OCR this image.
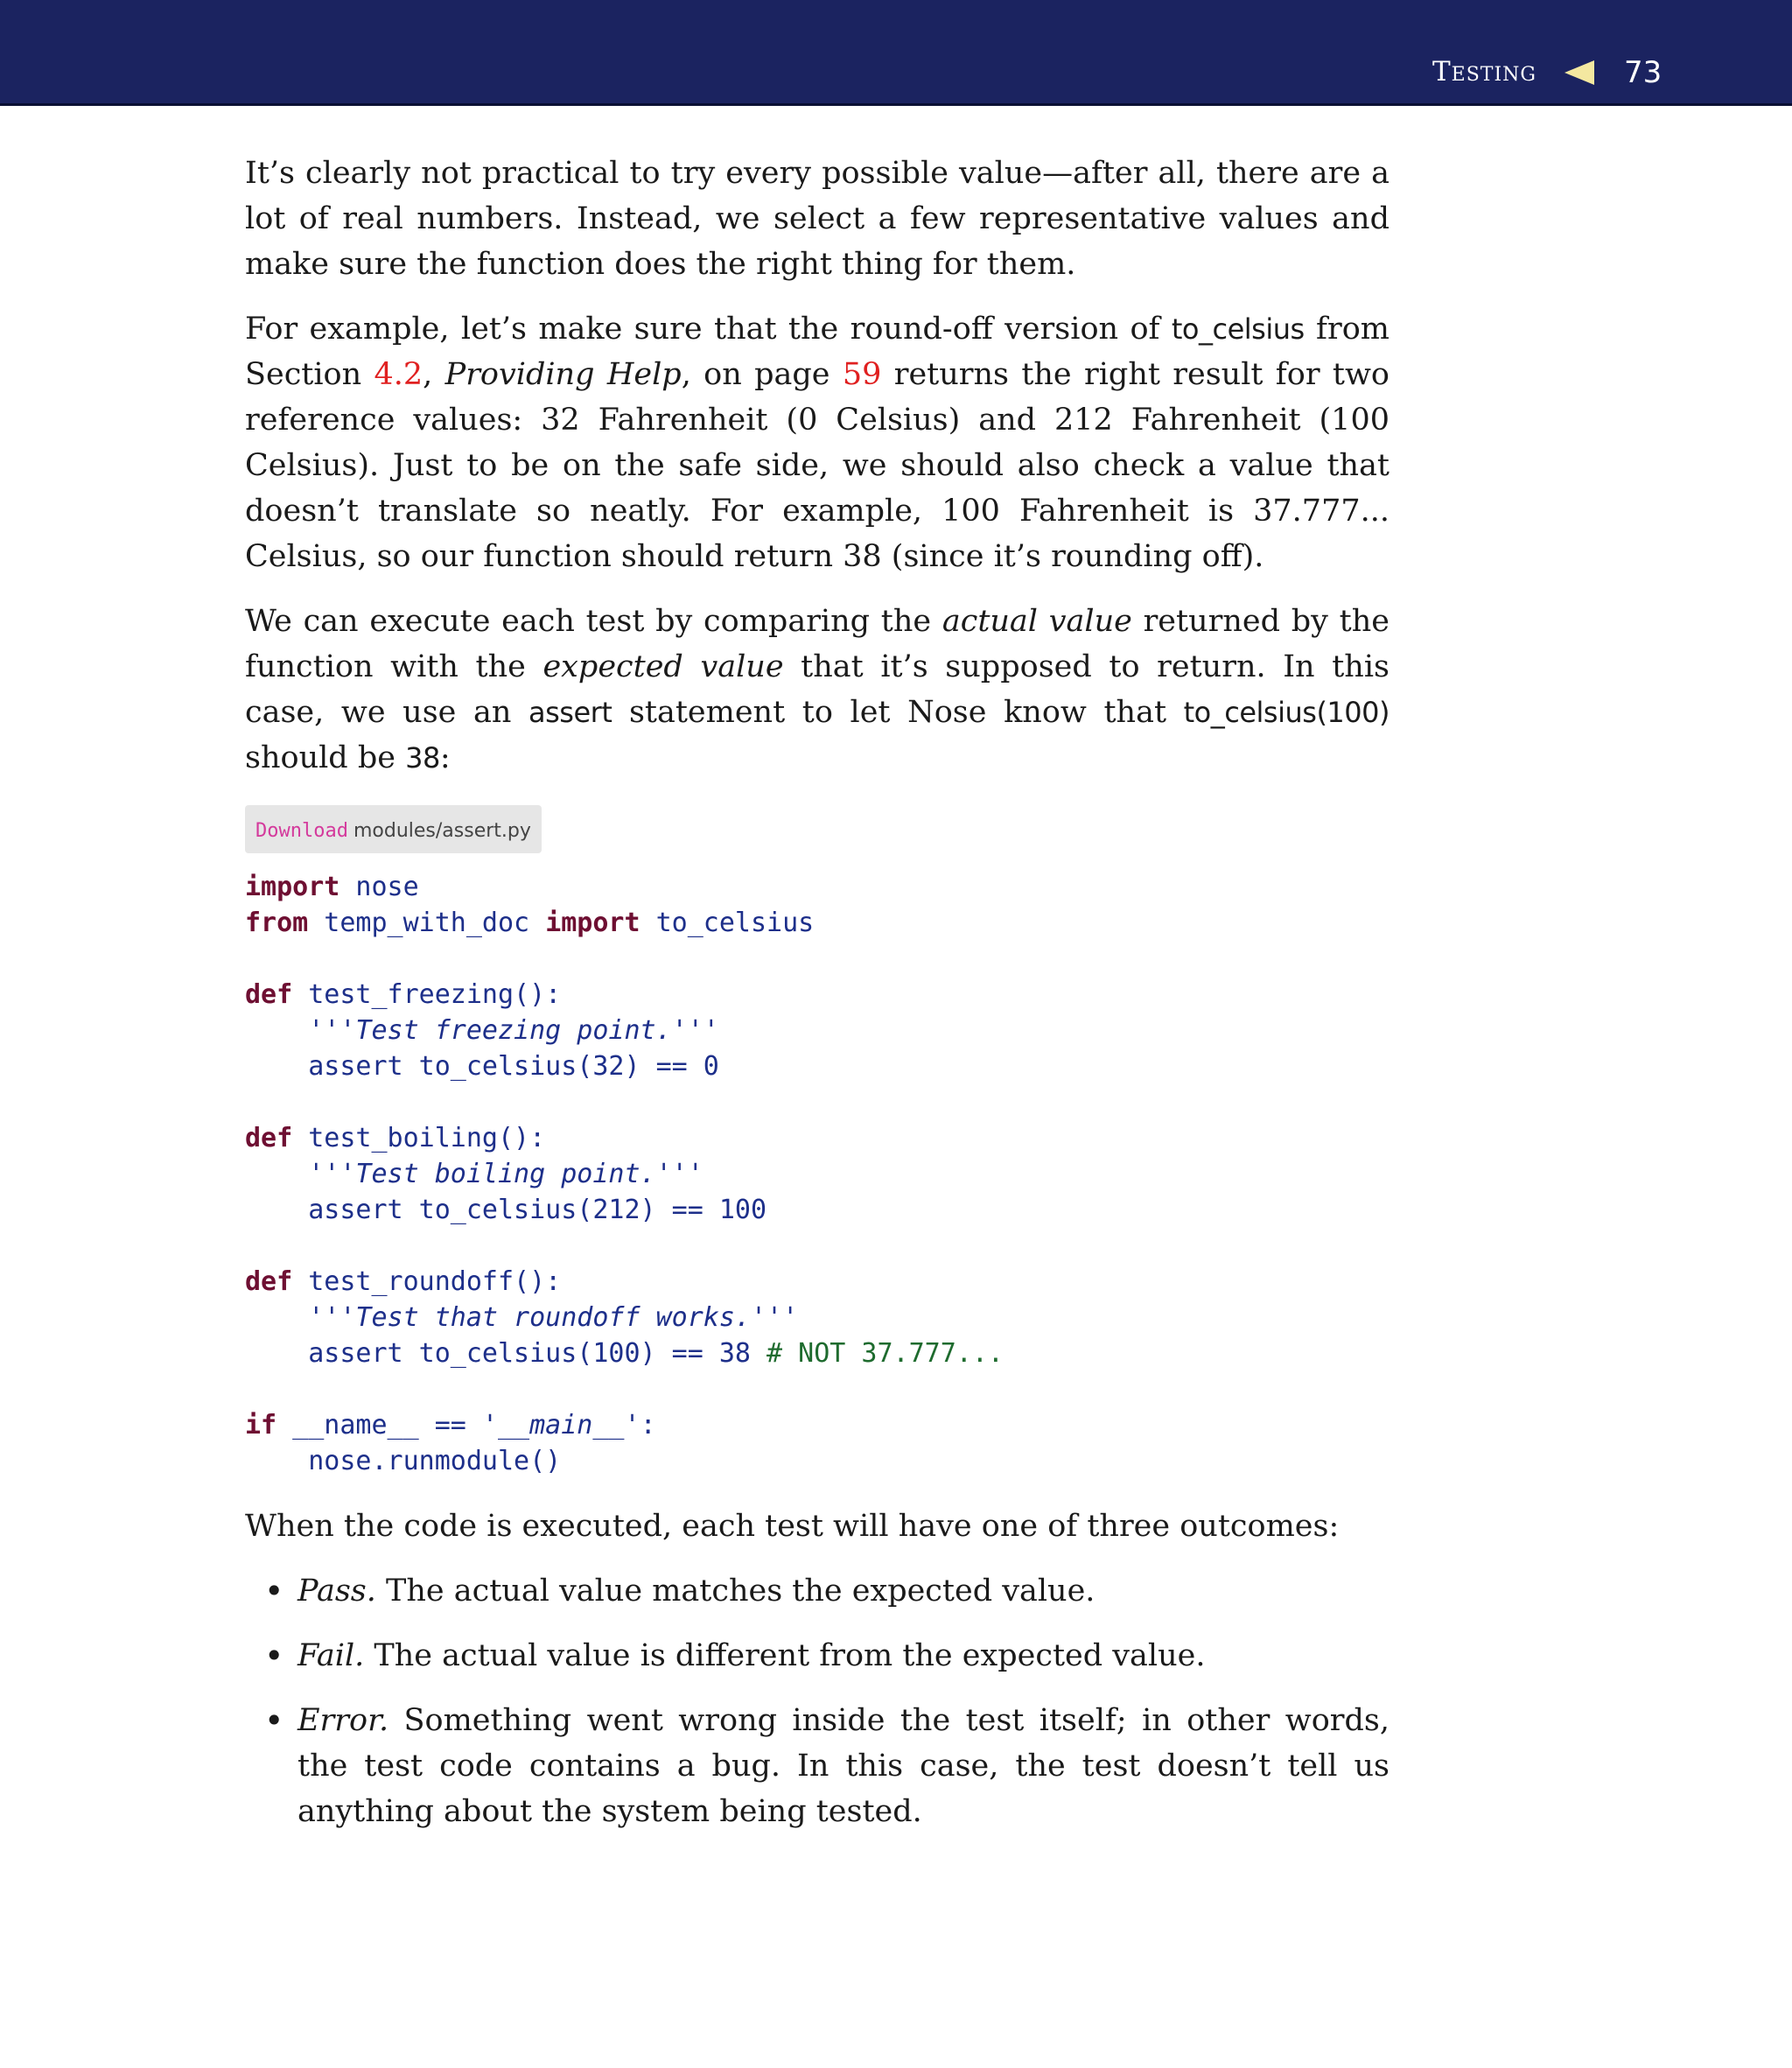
Testing	73

It’s clearly not practical to try every possible value—after all, there are a lot of real numbers. Instead, we select a few representative values and make sure the function does the right thing for them.

For example, let’s make sure that the round-off version of to_celsius from Section 4.2, Providing Help, on page 59 returns the right result for two reference values: 32 Fahrenheit (0 Celsius) and 212 Fahrenheit (100 Celsius). Just to be on the safe side, we should also check a value that doesn’t translate so neatly. For example, 100 Fahrenheit is 37.777... Celsius, so our function should return 38 (since it’s rounding off).

We can execute each test by comparing the actual value returned by the function with the expected value that it’s supposed to return. In this case, we use an assert statement to let Nose know that to_celsius(100) should be 38:

Download modules/assert.py
import nose
from temp_with_doc import to_celsius

def test_freezing():
'''Test freezing point.'''
assert to_celsius(32) == 0

def test_boiling():
'''Test boiling point.'''
assert to_celsius(212) == 100

def test_roundoff():
'''Test that roundoff works.'''
assert to_celsius(100) == 38 # NOT 37.777...

if __name__ == '__main__':
nose.runmodule()

When the code is executed, each test will have one of three outcomes:

• Pass. The actual value matches the expected value.
• Fail. The actual value is different from the expected value.
• Error. Something went wrong inside the test itself; in other words, the test code contains a bug. In this case, the test doesn’t tell us anything about the system being tested.
